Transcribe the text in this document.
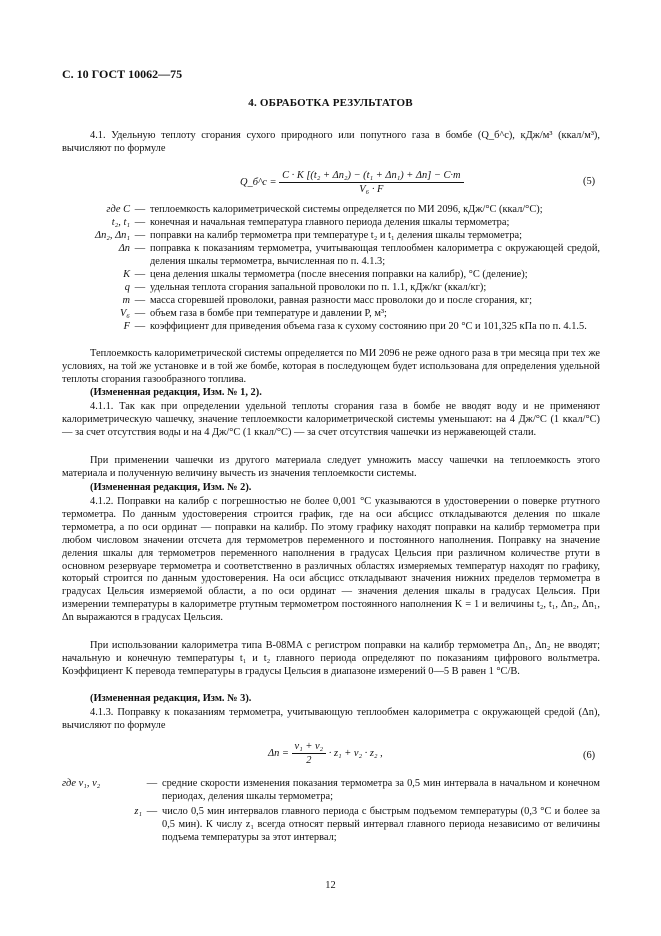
С. 10 ГОСТ 10062—75
4. ОБРАБОТКА РЕЗУЛЬТАТОВ
4.1. Удельную теплоту сгорания сухого природного или попутного газа в бомбе (Q_б^с), кДж/м³ (ккал/м³), вычисляют по формуле
Q_б^с = $\frac{\text{C · K [(t₂ + Δn₂) − (t₁ + Δn₁) + Δn] − C·m}}{\text{V₆ · F}}$	(5)
где C — теплоемкость калориметрической системы определяется по МИ 2096, кДж/°С (ккал/°С);
t₂, t₁ — конечная и начальная температура главного периода деления шкалы термометра;
Δn₂, Δn₁ — поправки на калибр термометра при температуре t₂ и t₁ деления шкалы термометра;
Δn — поправка к показаниям термометра, учитывающая теплообмен калориметра с окружающей средой, деления шкалы термометра, вычисленная по п. 4.1.3;
K — цена деления шкалы термометра (после внесения поправки на калибр), °С (деление);
q — удельная теплота сгорания запальной проволоки по п. 1.1, кДж/кг (ккал/кг);
m — масса сгоревшей проволоки, равная разности масс проволоки до и после сгорания, кг;
V₆ — объем газа в бомбе при температуре и давлении P, м³;
F — коэффициент для приведения объема газа к сухому состоянию при 20 °С и 101,325 кПа по п. 4.1.5.
Теплоемкость калориметрической системы определяется по МИ 2096 не реже одного раза в три месяца при тех же условиях, на той же установке и в той же бомбе, которая в последующем будет использована для определения удельной теплоты сгорания газообразного топлива.
(Измененная редакция, Изм. № 1, 2).
4.1.1. Так как при определении удельной теплоты сгорания газа в бомбе не вводят воду и не применяют калориметрическую чашечку, значение теплоемкости калориметрической системы уменьшают: на 4 Дж/°С (1 ккал/°С) — за счет отсутствия воды и на 4 Дж/°С (1 ккал/°С) — за счет отсутствия чашечки из нержавеющей стали.
При применении чашечки из другого материала следует умножить массу чашечки на теплоемкость этого материала и полученную величину вычесть из значения теплоемкости системы.
(Измененная редакция, Изм. № 2).
4.1.2. Поправки на калибр с погрешностью не более 0,001 °С указываются в удостоверении о поверке ртутного термометра. По данным удостоверения строится график, где на оси абсцисс откладываются деления по шкале термометра, а по оси ординат — поправки на калибр. По этому графику находят поправки на калибр термометра при любом числовом значении отсчета для термометров переменного и постоянного наполнения. Поправку на значение деления шкалы для термометров переменного наполнения в градусах Цельсия при различном количестве ртути в основном резервуаре термометра и соответственно в различных областях измеряемых температур находят по графику, который строится по данным удостоверения. На оси абсцисс откладывают значения нижних пределов термометра в градусах Цельсия измеряемой области, а по оси ординат — значения деления шкалы в градусах Цельсия. При измерении температуры в калориметре ртутным термометром постоянного наполнения K = 1 и величины t₂, t₁, Δn₂, Δn₁, Δn выражаются в градусах Цельсия.
При использовании калориметра типа В-08МА с регистром поправки на калибр термометра Δn₁, Δn₂ не вводят; начальную и конечную температуры t₁ и t₂ главного периода определяют по показаниям цифрового вольтметра. Коэффициент K перевода температуры в градусы Цельсия в диапазоне измерений 0—5 В равен 1 °С/В.
(Измененная редакция, Изм. № 3).
4.1.3. Поправку к показаниям термометра, учитывающую теплообмен калориметра с окружающей средой (Δn), вычисляют по формуле
$\Delta n = \frac{\text{v₁ + v₂}}{2} \cdot z_1 + v_2 \cdot z_2$ ,	(6)
где v₁, v₂	— средние скорости изменения показания термометра за 0,5 мин интервала в начальном и конечном периодах, деления шкалы термометра;
z₁ — число 0,5 мин интервалов главного периода с быстрым подъемом температуры (0,3 °С и более за 0,5 мин). К числу z₁ всегда относят первый интервал главного периода независимо от величины подъема температуры за этот интервал;
12
